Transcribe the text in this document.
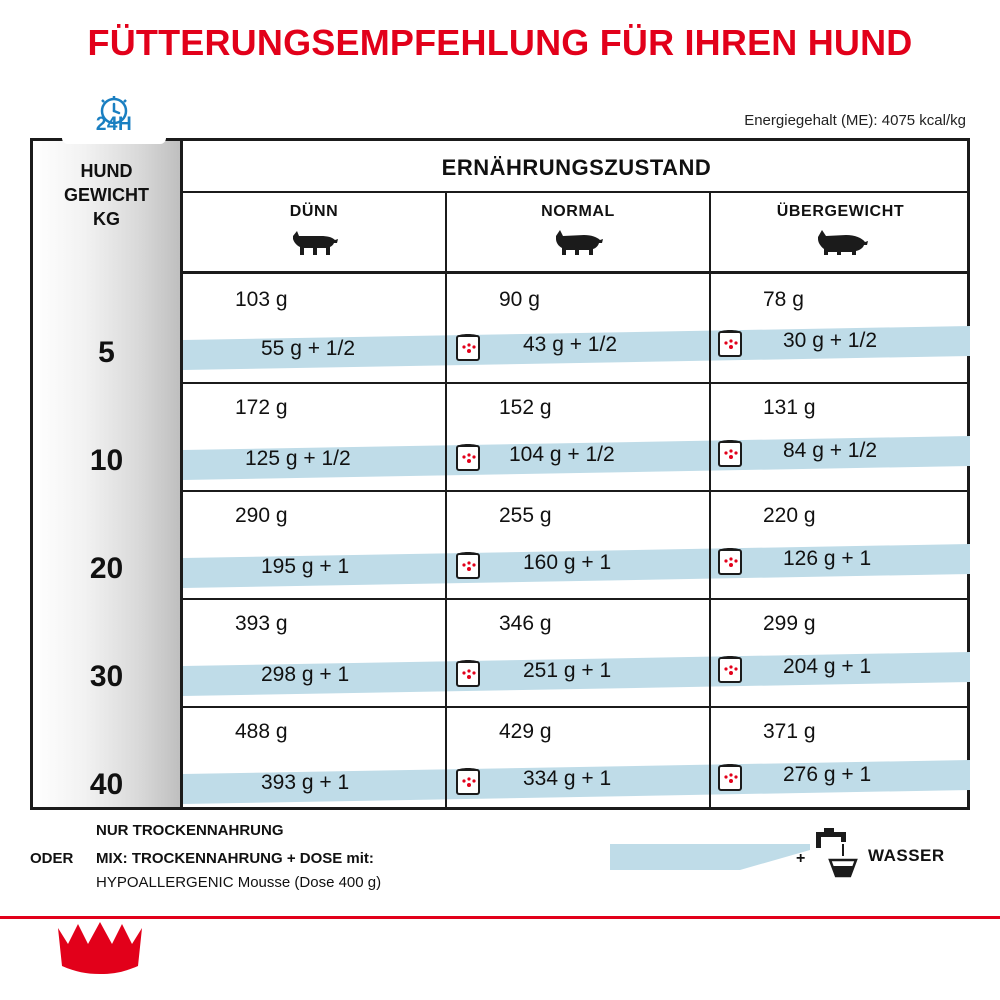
FÜTTERUNGSEMPFEHLUNG FÜR IHREN HUND
Energiegehalt (ME): 4075 kcal/kg
24H
HUND
GEWICHT
KG
ERNÄHRUNGSZUSTAND
DÜNN	NORMAL	ÜBERGEWICHT
5
103 g	90 g	78 g
55 g + 1/2	43 g + 1/2	30 g + 1/2
10
172 g	152 g	131 g
125 g + 1/2	104 g + 1/2	84 g + 1/2
20
290 g	255 g	220 g
195 g + 1	160 g + 1	126 g + 1
30
393 g	346 g	299 g
298 g + 1	251 g + 1	204 g + 1
40
488 g	429 g	371 g
393 g + 1	334 g + 1	276 g + 1
ODER
NUR TROCKENNAHRUNG
MIX: TROCKENNAHRUNG + DOSE mit:
HYPOALLERGENIC Mousse (Dose 400 g)
+	WASSER
